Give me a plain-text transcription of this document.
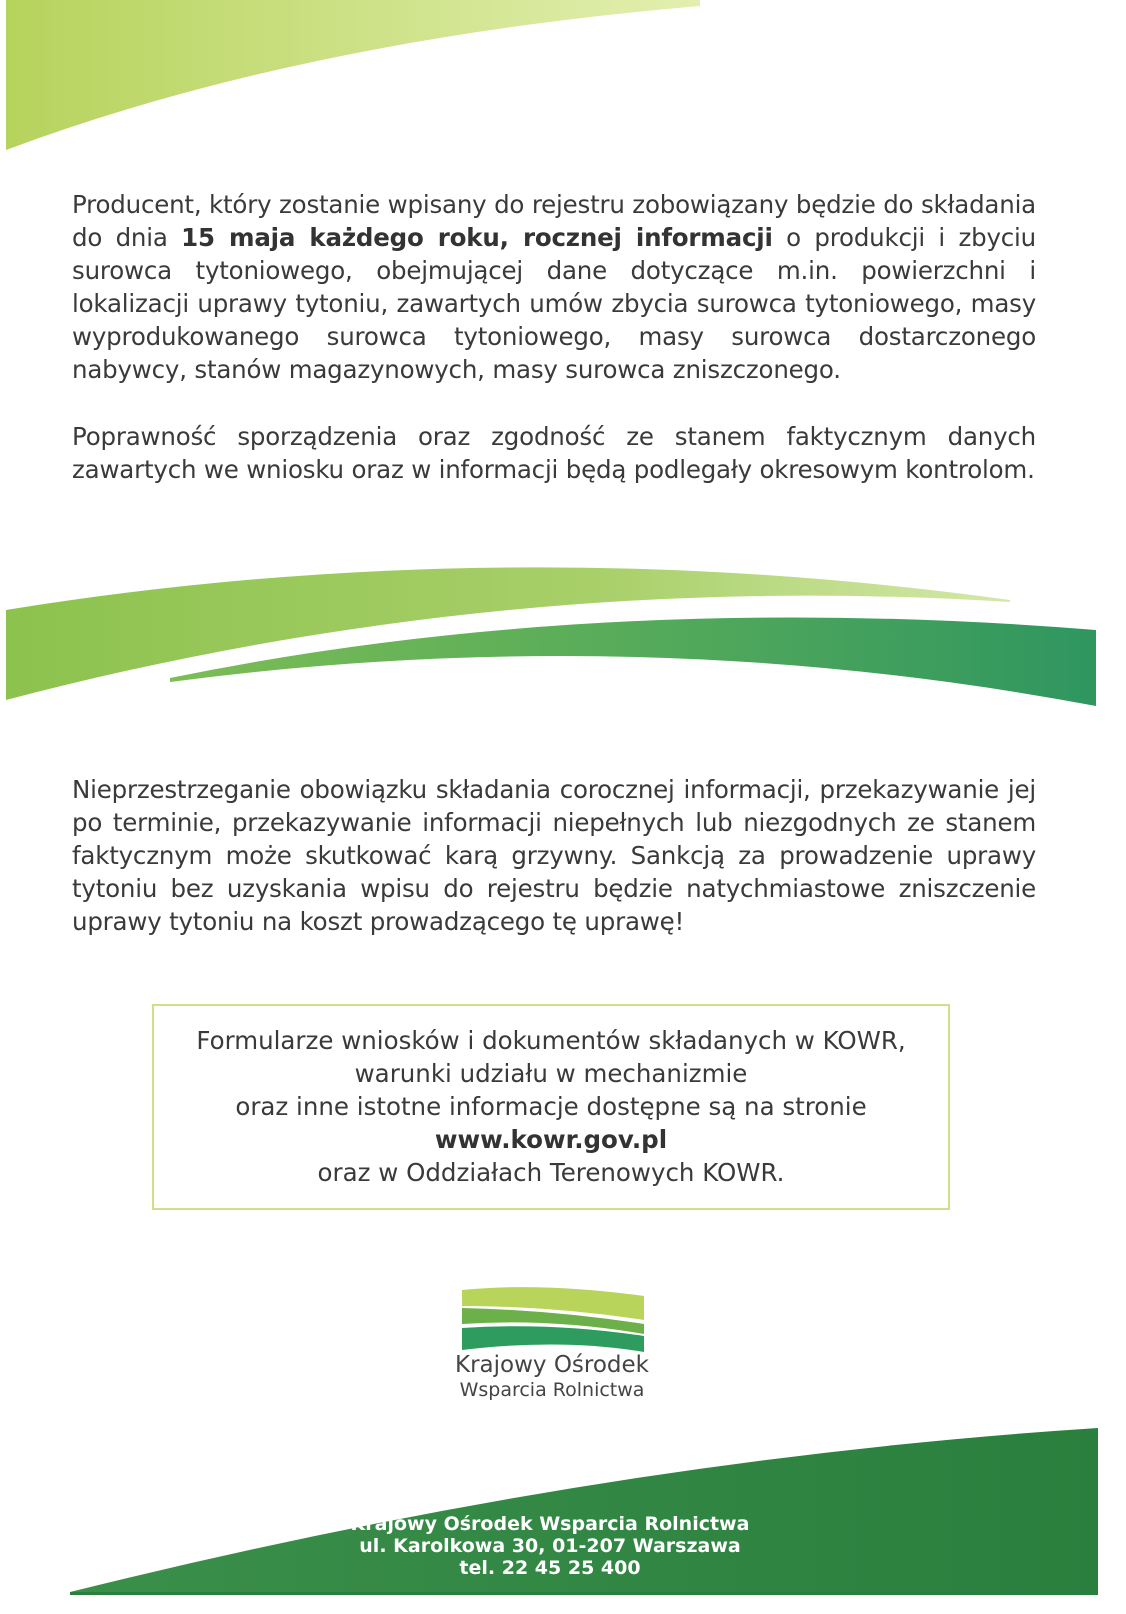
Producent, który zostanie wpisany do rejestru zobowiązany będzie do składania do dnia 15 maja każdego roku, rocznej informacji o produkcji i zbyciu surowca tytoniowego, obejmującej dane dotyczące m.in. powierzchni i lokalizacji uprawy tytoniu, zawartych umów zbycia surowca tytoniowego, masy wyprodukowanego surowca tytoniowego, masy surowca dostarczonego nabywcy, stanów magazynowych, masy surowca zniszczonego.
Poprawność sporządzenia oraz zgodność ze stanem faktycznym danych zawartych we wniosku oraz w informacji będą podlegały okresowym kontrolom.
Nieprzestrzeganie obowiązku składania corocznej informacji, przekazywanie jej po terminie, przekazywanie informacji niepełnych lub niezgodnych ze stanem faktycznym może skutkować karą grzywny. Sankcją za prowadzenie uprawy tytoniu bez uzyskania wpisu do rejestru będzie natychmiastowe zniszczenie uprawy tytoniu na koszt prowadzącego tę uprawę!
Formularze wniosków i dokumentów składanych w KOWR,
warunki udziału w mechanizmie
oraz inne istotne informacje dostępne są na stronie
www.kowr.gov.pl
oraz w Oddziałach Terenowych KOWR.
Krajowy Ośrodek
Wsparcia Rolnictwa
Krajowy Ośrodek Wsparcia Rolnictwa
ul. Karolkowa 30, 01-207 Warszawa
tel. 22 45 25 400
